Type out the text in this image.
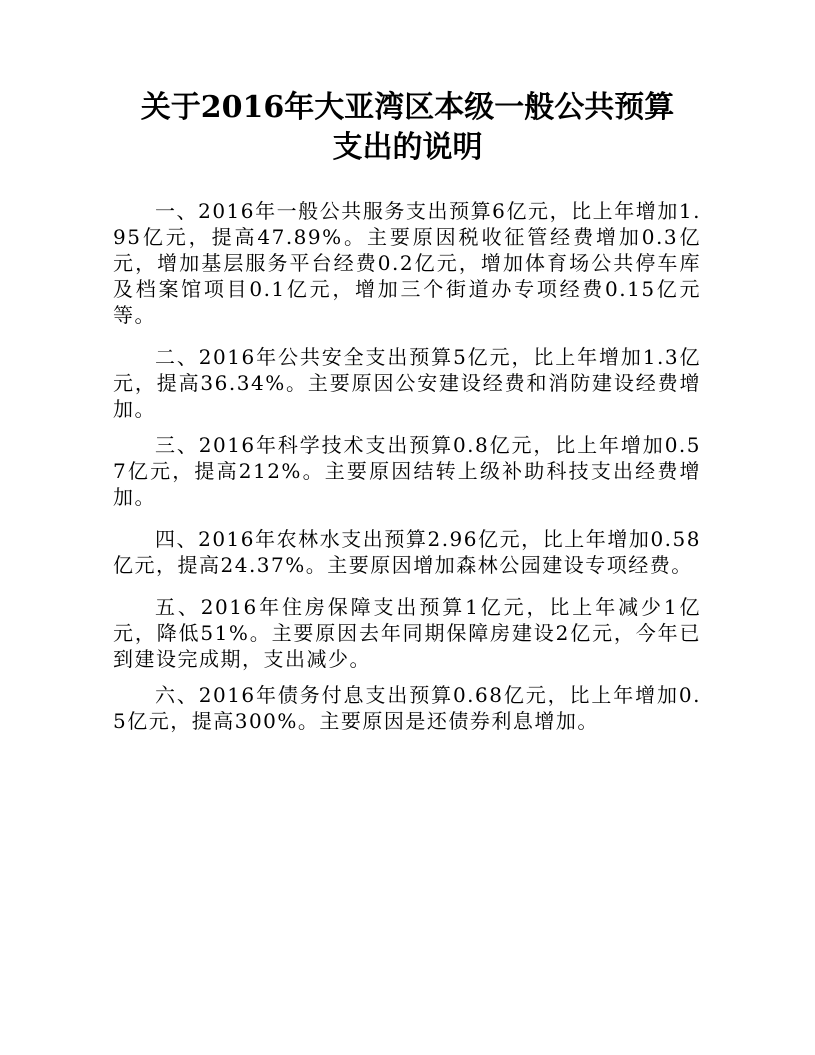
关于2016年大亚湾区本级一般公共预算
支出的说明

一、2016年一般公共服务支出预算6亿元，比上年增加1.95亿元，提高47.89%。主要原因税收征管经费增加0.3亿元，增加基层服务平台经费0.2亿元，增加体育场公共停车库及档案馆项目0.1亿元，增加三个街道办专项经费0.15亿元等。

二、2016年公共安全支出预算5亿元，比上年增加1.3亿元，提高36.34%。主要原因公安建设经费和消防建设经费增加。

三、2016年科学技术支出预算0.8亿元，比上年增加0.57亿元，提高212%。主要原因结转上级补助科技支出经费增加。

四、2016年农林水支出预算2.96亿元，比上年增加0.58亿元，提高24.37%。主要原因增加森林公园建设专项经费。

五、2016年住房保障支出预算1亿元，比上年减少1亿元，降低51%。主要原因去年同期保障房建设2亿元，今年已到建设完成期，支出减少。

六、2016年债务付息支出预算0.68亿元，比上年增加0.5亿元，提高300%。主要原因是还债券利息增加。
